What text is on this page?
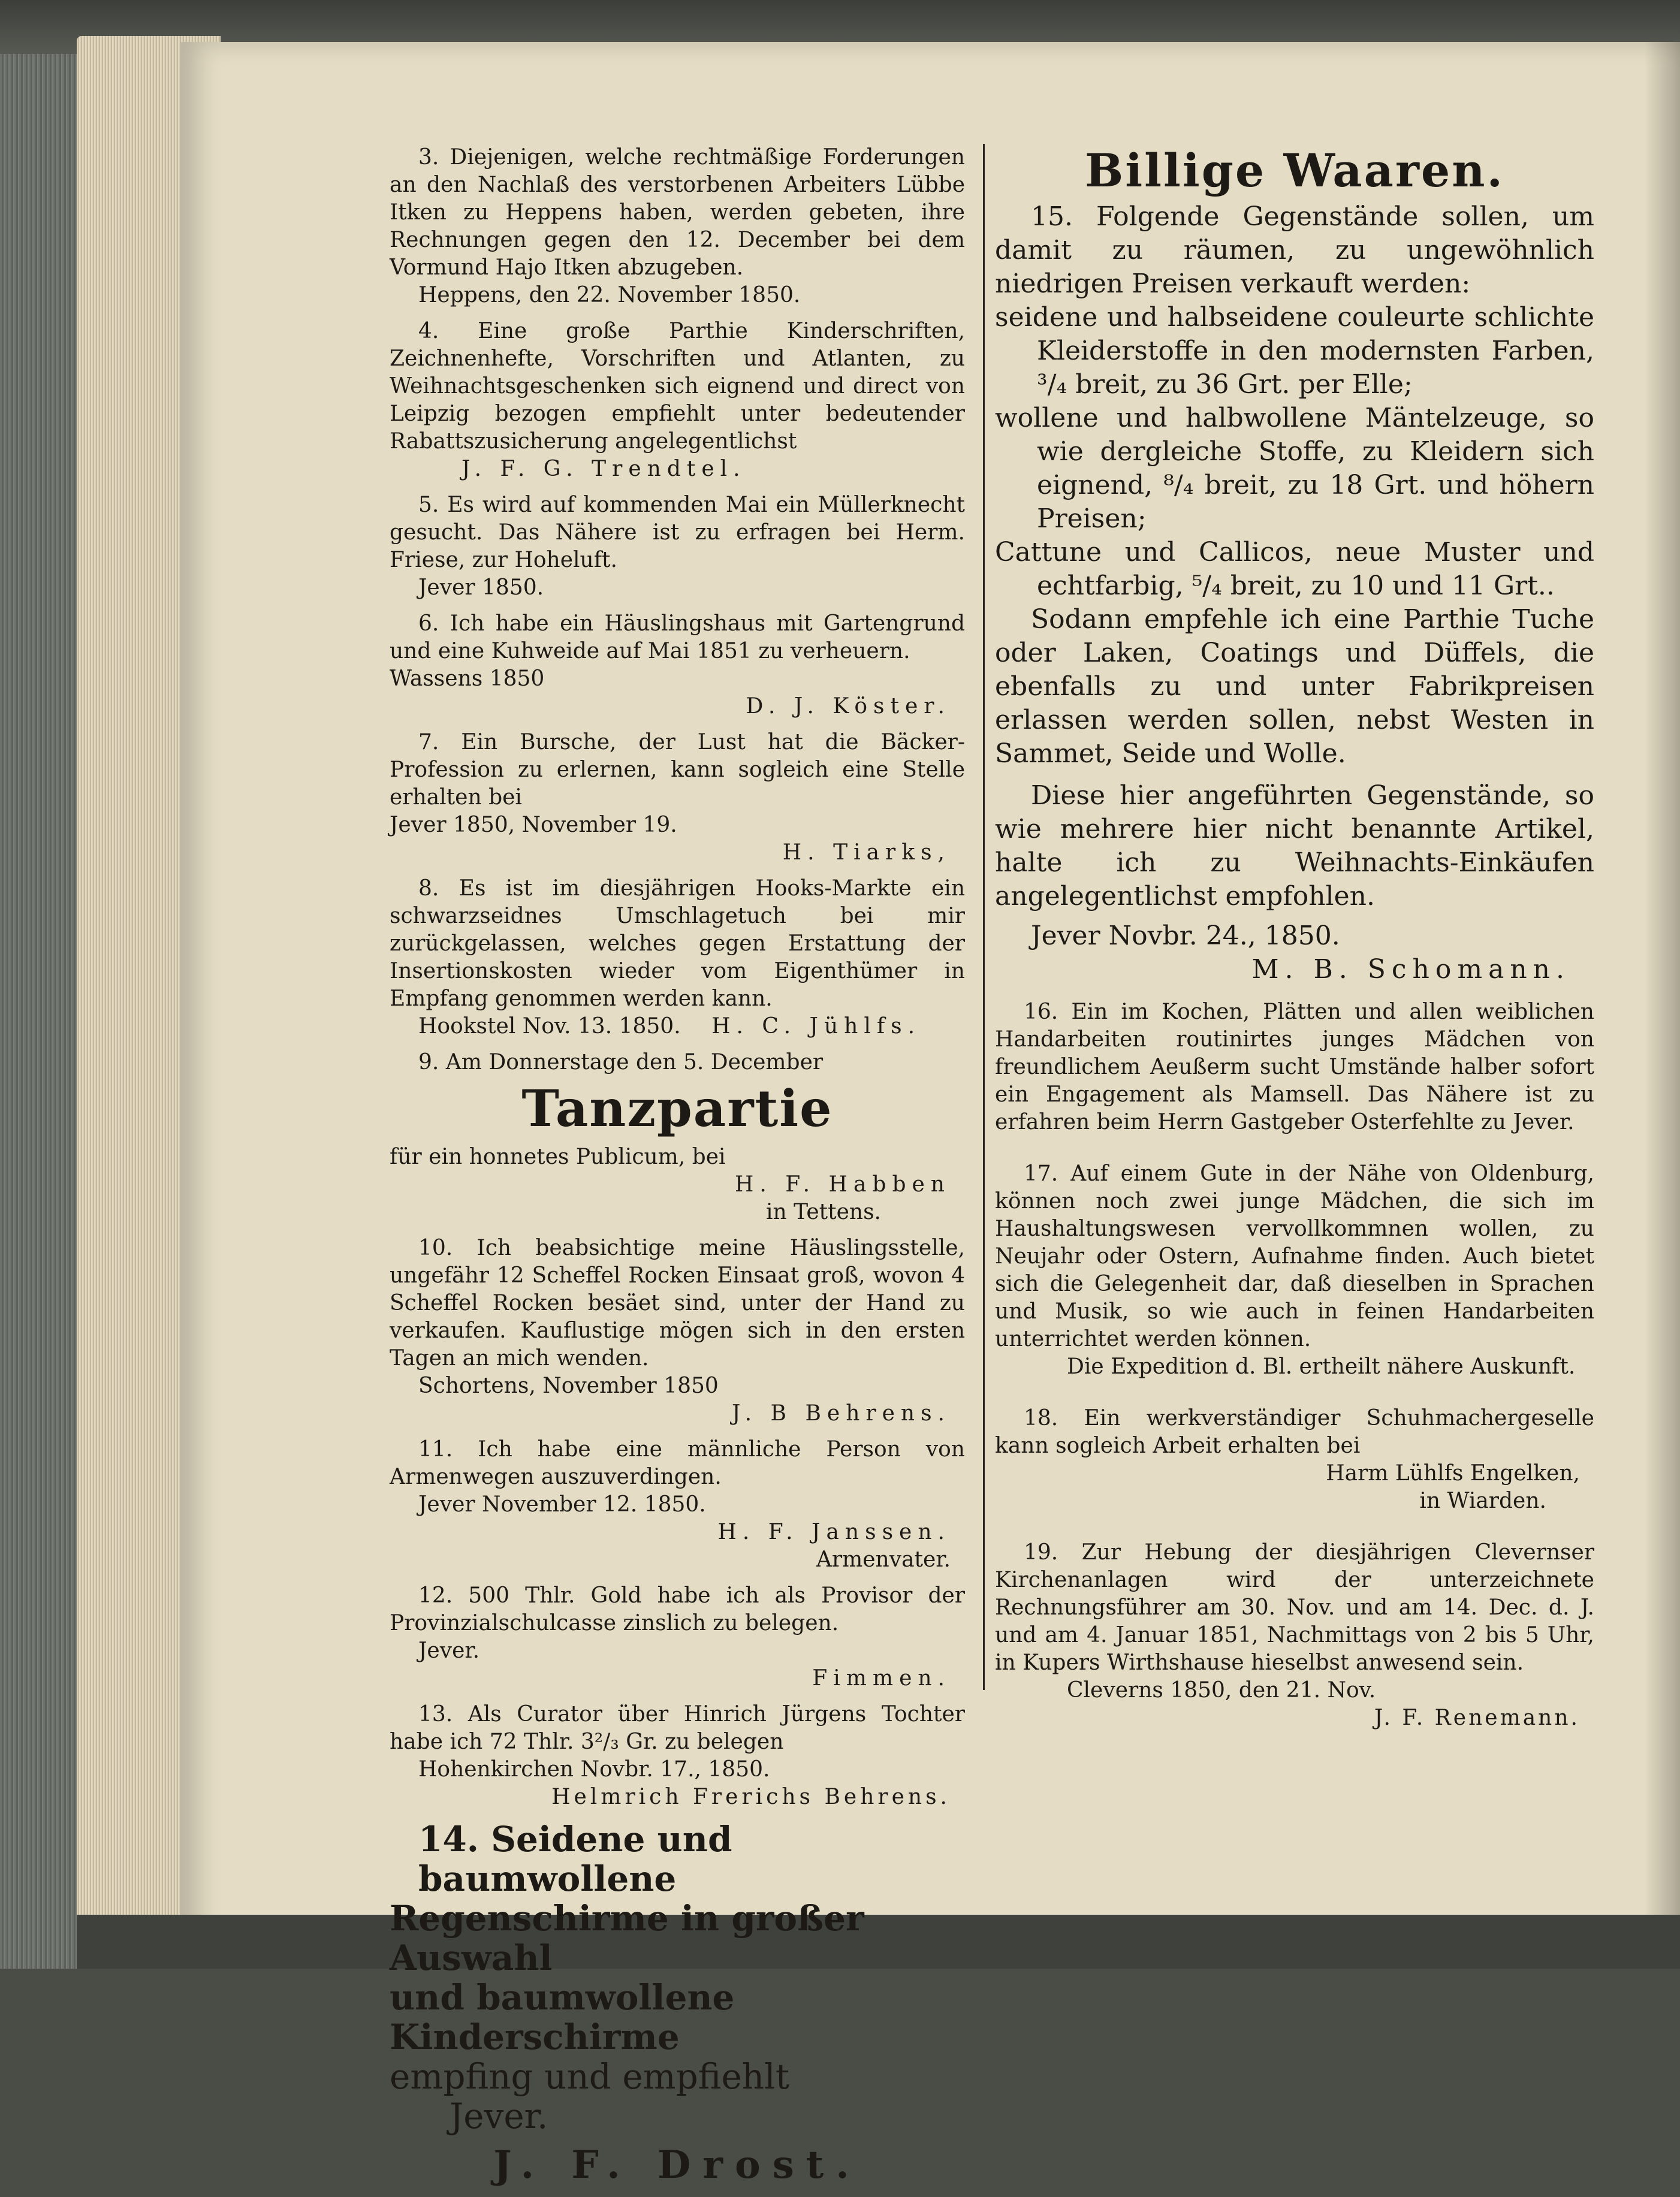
3. Diejenigen, welche rechtmäßige Forderungen an den Nachlaß des verstorbenen Arbeiters Lübbe Itken zu Heppens haben, werden gebeten, ihre Rechnungen gegen den 12. December bei dem Vormund Hajo Itken abzugeben.

Heppens, den 22. November 1850.

4. Eine große Parthie Kinderschriften, Zeichnenhefte, Vorschriften und Atlanten, zu Weihnachtsgeschenken sich eignend und direct von Leipzig bezogen empfiehlt unter bedeutender Rabattszusicherung angelegentlichst

J. F. G. Trendtel.

5. Es wird auf kommenden Mai ein Müllerknecht gesucht. Das Nähere ist zu erfragen bei Herm. Friese, zur Hoheluft.

Jever 1850.

6. Ich habe ein Häuslingshaus mit Gartengrund und eine Kuhweide auf Mai 1851 zu verheuern.

Wassens 1850

D. J. Köster.

7. Ein Bursche, der Lust hat die Bäcker-Profession zu erlernen, kann sogleich eine Stelle erhalten bei

Jever 1850, November 19.

H. Tiarks,

8. Es ist im diesjährigen Hooks-Markte ein schwarzseidnes Umschlagetuch bei mir zurückgelassen, welches gegen Erstattung der Insertionskosten wieder vom Eigenthümer in Empfang genommen werden kann.

Hookstel Nov. 13. 1850. H. C. Jühlfs.

9. Am Donnerstage den 5. December

Tanzpartie

für ein honnetes Publicum, bei

H. F. Habben

in Tettens.

10. Ich beabsichtige meine Häuslingsstelle, ungefähr 12 Scheffel Rocken Einsaat groß, wovon 4 Scheffel Rocken besäet sind, unter der Hand zu verkaufen. Kauflustige mögen sich in den ersten Tagen an mich wenden.

Schortens, November 1850

J. B Behrens.

11. Ich habe eine männliche Person von Armenwegen auszuverdingen.

Jever November 12. 1850.

H. F. Janssen.

Armenvater.

12. 500 Thlr. Gold habe ich als Provisor der Provinzialschulcasse zinslich zu belegen.

Jever.

Fimmen.

13. Als Curator über Hinrich Jürgens Tochter habe ich 72 Thlr. 3²/₃ Gr. zu belegen

Hohenkirchen Novbr. 17., 1850.

Helmrich Frerichs Behrens.

14. Seidene und baumwollene

Regenschirme in großer Auswahl

und baumwollene Kinderschirme

empfing und empfiehlt

Jever.

J. F. Drost.

Billige Waaren.

15. Folgende Gegenstände sollen, um damit zu räumen, zu ungewöhnlich niedrigen Preisen verkauft werden:

seidene und halbseidene couleurte schlichte Kleiderstoffe in den modernsten Farben, ³/₄ breit, zu 36 Grt. per Elle;

wollene und halbwollene Mäntelzeuge, so wie dergleiche Stoffe, zu Kleidern sich eignend, ⁸/₄ breit, zu 18 Grt. und höhern Preisen;

Cattune und Callicos, neue Muster und echtfarbig, ⁵/₄ breit, zu 10 und 11 Grt..

Sodann empfehle ich eine Parthie Tuche oder Laken, Coatings und Düffels, die ebenfalls zu und unter Fabrikpreisen erlassen werden sollen, nebst Westen in Sammet, Seide und Wolle.

Diese hier angeführten Gegenstände, so wie mehrere hier nicht benannte Artikel, halte ich zu Weihnachts-Einkäufen angelegentlichst empfohlen.

Jever Novbr. 24., 1850.

M. B. Schomann.

16. Ein im Kochen, Plätten und allen weiblichen Handarbeiten routinirtes junges Mädchen von freundlichem Aeußerm sucht Umstände halber sofort ein Engagement als Mamsell. Das Nähere ist zu erfahren beim Herrn Gastgeber Osterfehlte zu Jever.

17. Auf einem Gute in der Nähe von Oldenburg, können noch zwei junge Mädchen, die sich im Haushaltungswesen vervollkommnen wollen, zu Neujahr oder Ostern, Aufnahme finden. Auch bietet sich die Gelegenheit dar, daß dieselben in Sprachen und Musik, so wie auch in feinen Handarbeiten unterrichtet werden können.

Die Expedition d. Bl. ertheilt nähere Auskunft.

18. Ein werkverständiger Schuhmachergeselle kann sogleich Arbeit erhalten bei

Harm Lühlfs Engelken,

in Wiarden.

19. Zur Hebung der diesjährigen Clevernser Kirchenanlagen wird der unterzeichnete Rechnungsführer am 30. Nov. und am 14. Dec. d. J. und am 4. Januar 1851, Nachmittags von 2 bis 5 Uhr, in Kupers Wirthshause hieselbst anwesend sein.

Cleverns 1850, den 21. Nov.

J. F. Renemann.
